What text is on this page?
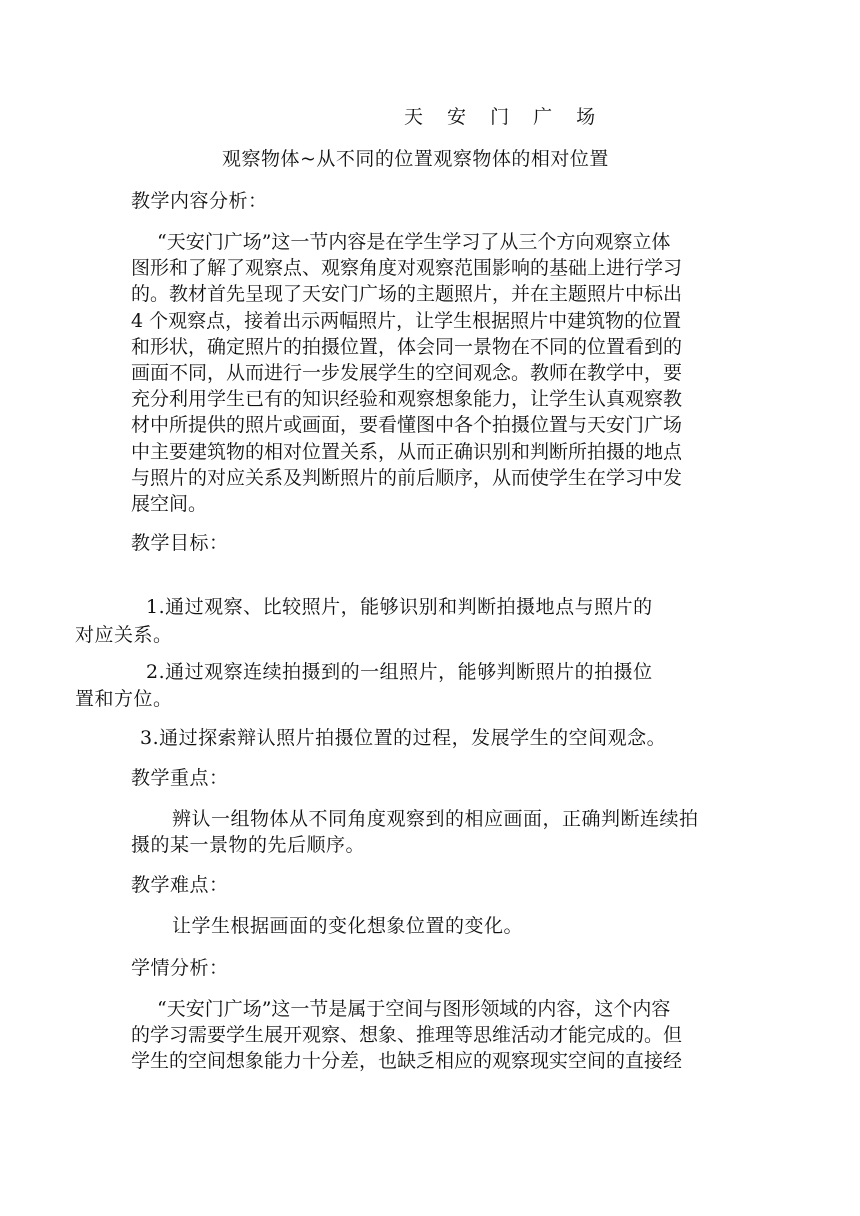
天 安 门 广 场
观察物体~从不同的位置观察物体的相对位置
教学内容分析：
“天安门广场”这一节内容是在学生学习了从三个方向观察立体
图形和了解了观察点、观察角度对观察范围影响的基础上进行学习
的。教材首先呈现了天安门广场的主题照片，并在主题照片中标出
4 个观察点，接着出示两幅照片，让学生根据照片中建筑物的位置
和形状，确定照片的拍摄位置，体会同一景物在不同的位置看到的
画面不同，从而进行一步发展学生的空间观念。教师在教学中，要
充分利用学生已有的知识经验和观察想象能力，让学生认真观察教
材中所提供的照片或画面，要看懂图中各个拍摄位置与天安门广场
中主要建筑物的相对位置关系，从而正确识别和判断所拍摄的地点
与照片的对应关系及判断照片的前后顺序，从而使学生在学习中发
展空间。
教学目标：
1.通过观察、比较照片，能够识别和判断拍摄地点与照片的
对应关系。
2.通过观察连续拍摄到的一组照片，能够判断照片的拍摄位
置和方位。
3.通过探索辩认照片拍摄位置的过程，发展学生的空间观念。
教学重点：
辨认一组物体从不同角度观察到的相应画面，正确判断连续拍
摄的某一景物的先后顺序。
教学难点：
让学生根据画面的变化想象位置的变化。
学情分析：
“天安门广场”这一节是属于空间与图形领域的内容，这个内容
的学习需要学生展开观察、想象、推理等思维活动才能完成的。但
学生的空间想象能力十分差，也缺乏相应的观察现实空间的直接经
